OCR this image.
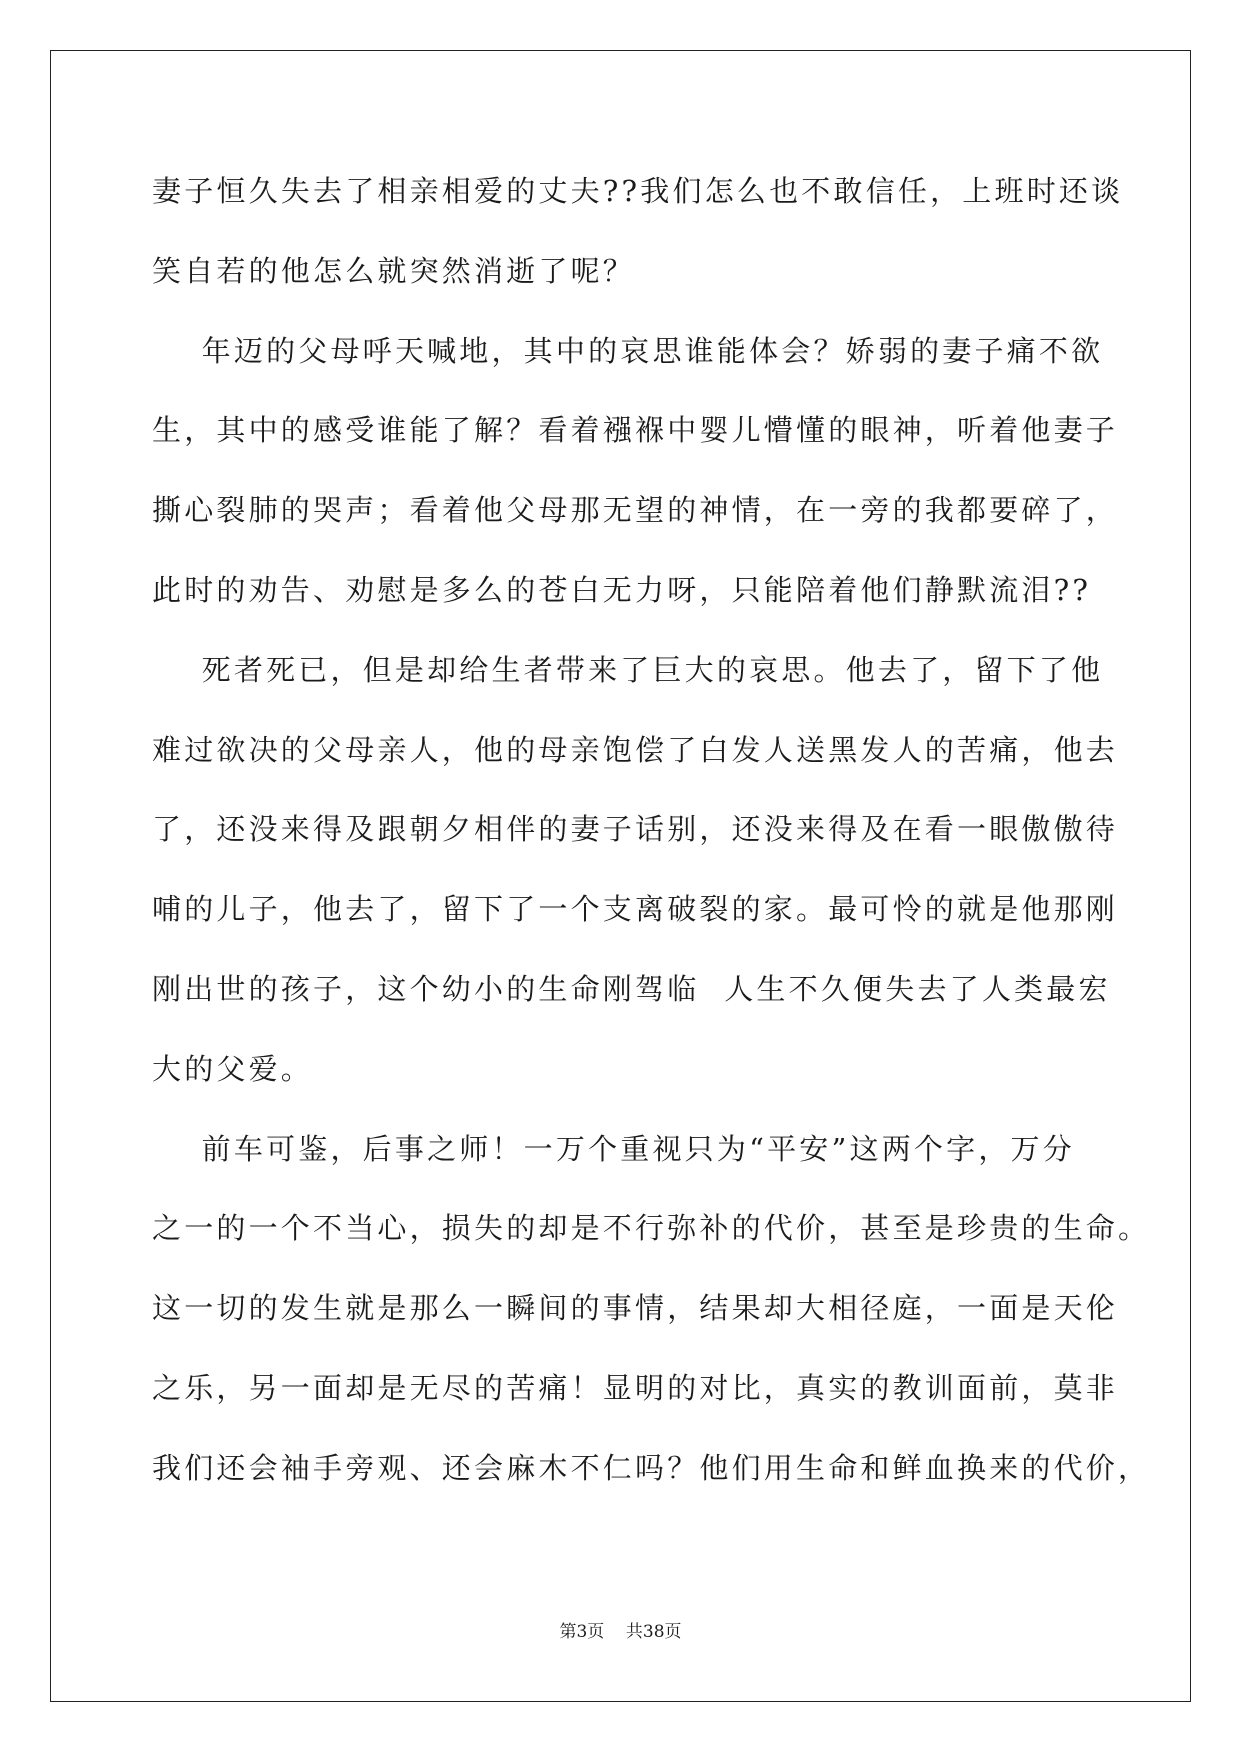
妻子恒久失去了相亲相爱的丈夫??我们怎么也不敢信任，上班时还谈
笑自若的他怎么就突然消逝了呢？
年迈的父母呼天喊地，其中的哀思谁能体会？娇弱的妻子痛不欲
生，其中的感受谁能了解？看着襁褓中婴儿懵懂的眼神，听着他妻子
撕心裂肺的哭声；看着他父母那无望的神情，在一旁的我都要碎了，
此时的劝告、劝慰是多么的苍白无力呀，只能陪着他们静默流泪??
死者死已，但是却给生者带来了巨大的哀思。他去了，留下了他
难过欲决的父母亲人，他的母亲饱偿了白发人送黑发人的苦痛，他去
了，还没来得及跟朝夕相伴的妻子话别，还没来得及在看一眼傲傲待
哺的儿子，他去了，留下了一个支离破裂的家。最可怜的就是他那刚
刚出世的孩子，这个幼小的生命刚驾临  人生不久便失去了人类最宏
大的父爱。
前车可鉴，后事之师！一万个重视只为“平安”这两个字，万分
之一的一个不当心，损失的却是不行弥补的代价，甚至是珍贵的生命。
这一切的发生就是那么一瞬间的事情，结果却大相径庭，一面是天伦
之乐，另一面却是无尽的苦痛！显明的对比，真实的教训面前，莫非
我们还会袖手旁观、还会麻木不仁吗？他们用生命和鲜血换来的代价，
第3页 共38页
